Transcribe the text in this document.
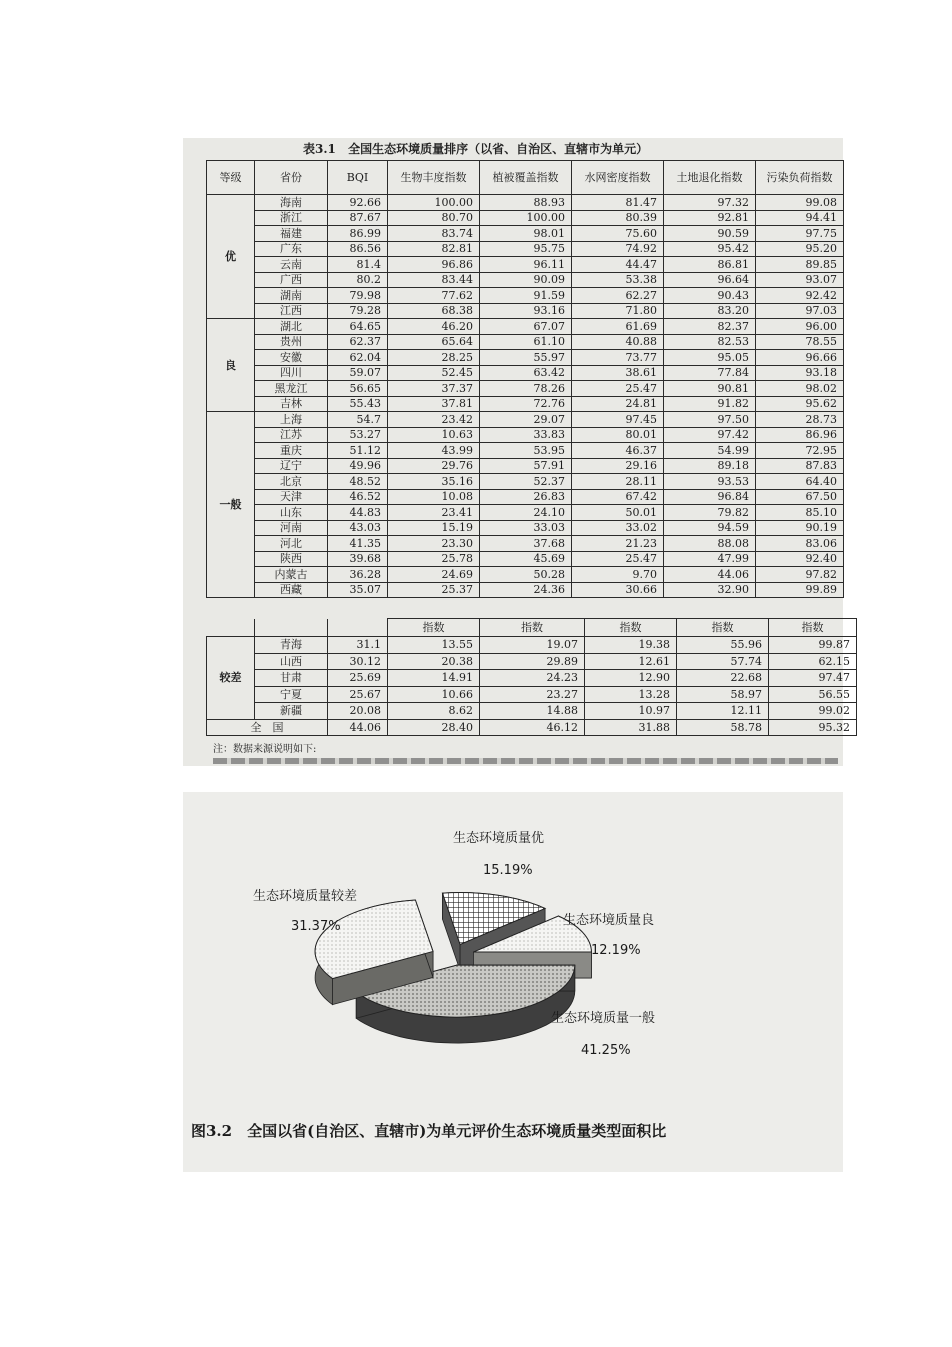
表3.1 全国生态环境质量排序（以省、自治区、直辖市为单元）
等级	省份	BQI	生物丰度指数	植被覆盖指数	水网密度指数	土地退化指数	污染负荷指数
优	海南	92.66	100.00	88.93	81.47	97.32	99.08
	浙江	87.67	80.70	100.00	80.39	92.81	94.41
	福建	86.99	83.74	98.01	75.60	90.59	97.75
	广东	86.56	82.81	95.75	74.92	95.42	95.20
	云南	81.4	96.86	96.11	44.47	86.81	89.85
	广西	80.2	83.44	90.09	53.38	96.64	93.07
	湖南	79.98	77.62	91.59	62.27	90.43	92.42
	江西	79.28	68.38	93.16	71.80	83.20	97.03
良	湖北	64.65	46.20	67.07	61.69	82.37	96.00
	贵州	62.37	65.64	61.10	40.88	82.53	78.55
	安徽	62.04	28.25	55.97	73.77	95.05	96.66
	四川	59.07	52.45	63.42	38.61	77.84	93.18
	黑龙江	56.65	37.37	78.26	25.47	90.81	98.02
	吉林	55.43	37.81	72.76	24.81	91.82	95.62
一般	上海	54.7	23.42	29.07	97.45	97.50	28.73
	江苏	53.27	10.63	33.83	80.01	97.42	86.96
	重庆	51.12	43.99	53.95	46.37	54.99	72.95
	辽宁	49.96	29.76	57.91	29.16	89.18	87.83
	北京	48.52	35.16	52.37	28.11	93.53	64.40
	天津	46.52	10.08	26.83	67.42	96.84	67.50
	山东	44.83	23.41	24.10	50.01	79.82	85.10
	河南	43.03	15.19	33.03	33.02	94.59	90.19
	河北	41.35	23.30	37.68	21.23	88.08	83.06
	陕西	39.68	25.78	45.69	25.47	47.99	92.40
	内蒙古	36.28	24.69	50.28	9.70	44.06	97.82
	西藏	35.07	25.37	24.36	30.66	32.90	99.89
			指数	指数	指数	指数	指数
较差	青海	31.1	13.55	19.07	19.38	55.96	99.87
	山西	30.12	20.38	29.89	12.61	57.74	62.15
	甘肃	25.69	14.91	24.23	12.90	22.68	97.47
	宁夏	25.67	10.66	23.27	13.28	58.97	56.55
	新疆	20.08	8.62	14.88	10.97	12.11	99.02
全　国		44.06	28.40	46.12	31.88	58.78	95.32
注：数据来源说明如下:
生态环境质量优
15.19%
生态环境质量良
12.19%
生态环境质量一般
41.25%
生态环境质量较差
31.37%
图3.2　全国以省(自治区、直辖市)为单元评价生态环境质量类型面积比
